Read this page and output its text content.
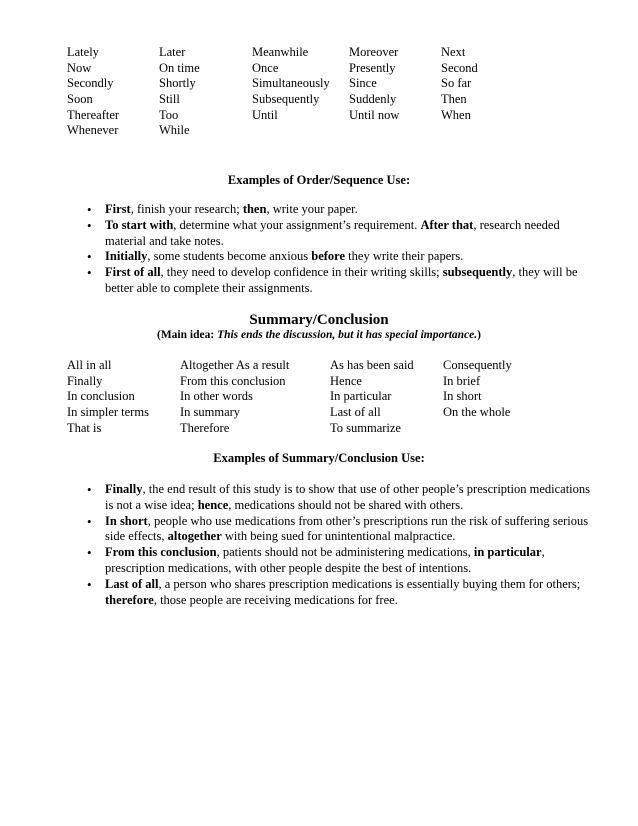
Lately
Now
Secondly
Soon
Thereafter
Whenever
Later
On time
Shortly
Still
Too
While
Meanwhile
Once
Simultaneously
Subsequently
Until
Moreover
Presently
Since
Suddenly
Until now
Next
Second
So far
Then
When
Examples of Order/Sequence Use:
• First, finish your research; then, write your paper.
• To start with, determine what your assignment’s requirement. After that, research needed material and take notes.
• Initially, some students become anxious before they write their papers.
• First of all, they need to develop confidence in their writing skills; subsequently, they will be better able to complete their assignments.
Summary/Conclusion
(Main idea: This ends the discussion, but it has special importance.)
All in all
Finally
In conclusion
In simpler terms
That is
Altogether As a result
From this conclusion
In other words
In summary
Therefore
As has been said
Hence
In particular
Last of all
To summarize
Consequently
In brief
In short
On the whole
Examples of Summary/Conclusion Use:
• Finally, the end result of this study is to show that use of other people’s prescription medications is not a wise idea; hence, medications should not be shared with others.
• In short, people who use medications from other’s prescriptions run the risk of suffering serious side effects, altogether with being sued for unintentional malpractice.
• From this conclusion, patients should not be administering medications, in particular, prescription medications, with other people despite the best of intentions.
• Last of all, a person who shares prescription medications is essentially buying them for others; therefore, those people are receiving medications for free.
